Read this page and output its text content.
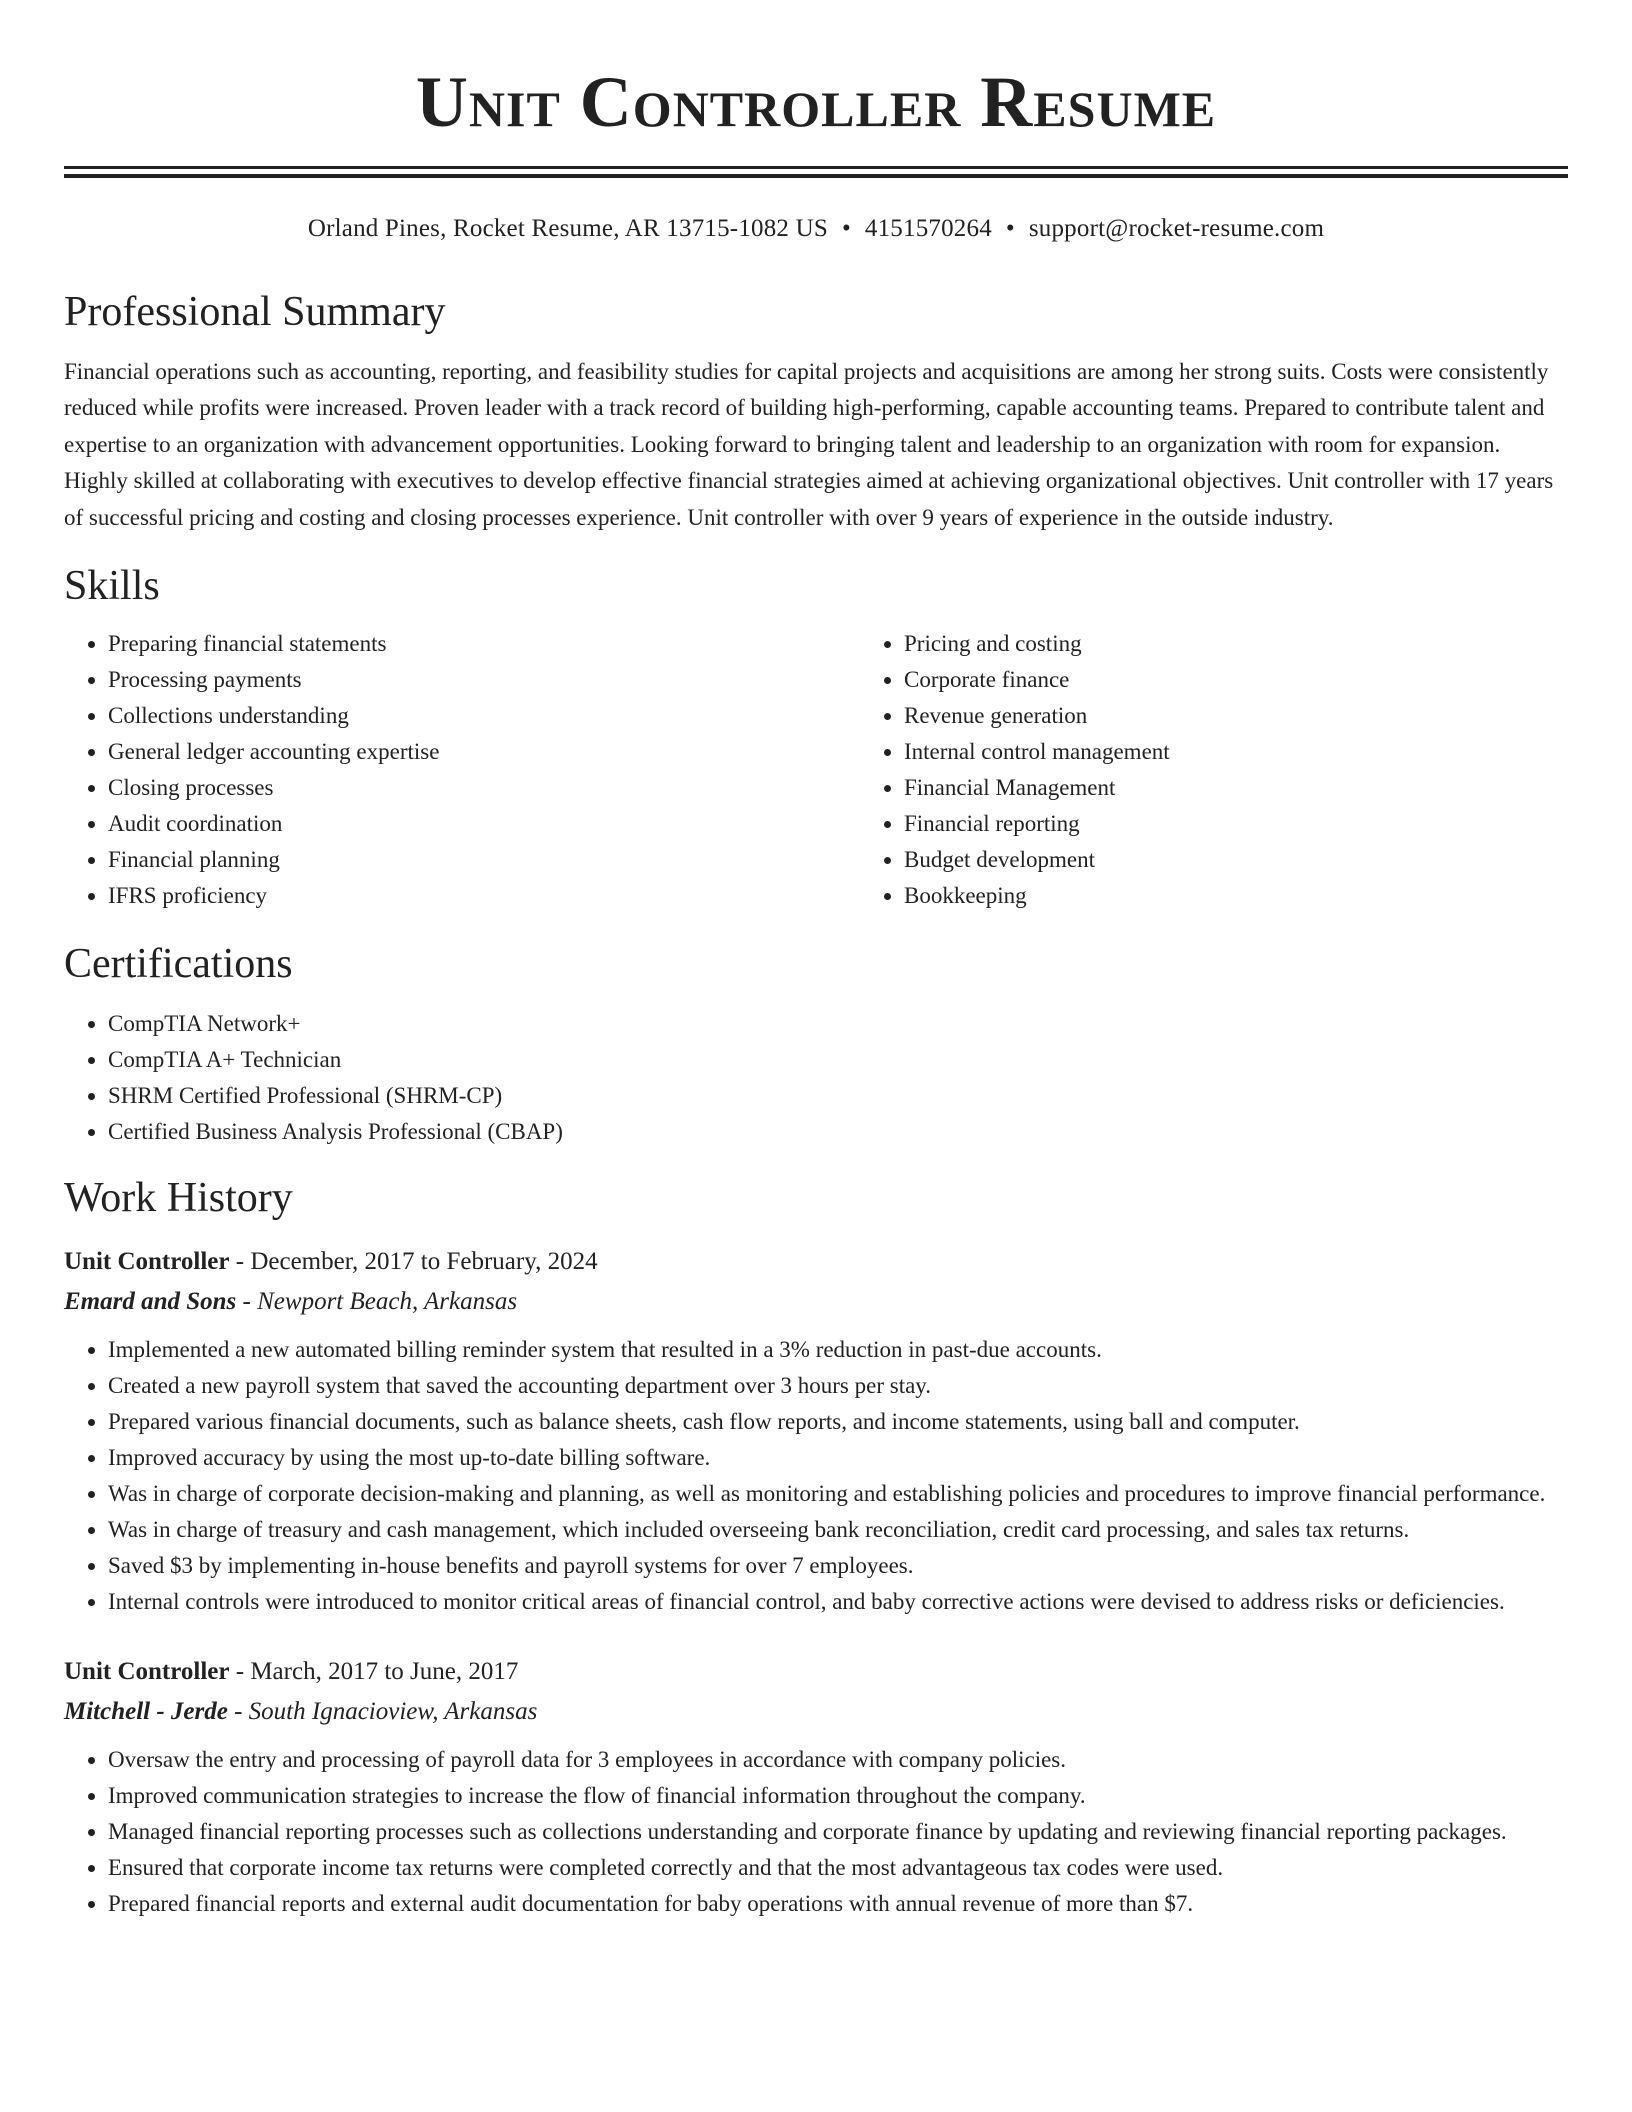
Unit Controller Resume
Orland Pines, Rocket Resume, AR 13715-1082 US • 4151570264 • support@rocket-resume.com
Professional Summary

Financial operations such as accounting, reporting, and feasibility studies for capital projects and acquisitions are among her strong suits. Costs were consistently reduced while profits were increased. Proven leader with a track record of building high-performing, capable accounting teams. Prepared to contribute talent and expertise to an organization with advancement opportunities. Looking forward to bringing talent and leadership to an organization with room for expansion. Highly skilled at collaborating with executives to develop effective financial strategies aimed at achieving organizational objectives. Unit controller with 17 years of successful pricing and costing and closing processes experience. Unit controller with over 9 years of experience in the outside industry.

Skills
• Preparing financial statements
• Processing payments
• Collections understanding
• General ledger accounting expertise
• Closing processes
• Audit coordination
• Financial planning
• IFRS proficiency
• Pricing and costing
• Corporate finance
• Revenue generation
• Internal control management
• Financial Management
• Financial reporting
• Budget development
• Bookkeeping
Certifications
• CompTIA Network+
• CompTIA A+ Technician
• SHRM Certified Professional (SHRM-CP)
• Certified Business Analysis Professional (CBAP)
Work History
Unit Controller - December, 2017 to February, 2024
Emard and Sons - Newport Beach, Arkansas
• Implemented a new automated billing reminder system that resulted in a 3% reduction in past-due accounts.
• Created a new payroll system that saved the accounting department over 3 hours per stay.
• Prepared various financial documents, such as balance sheets, cash flow reports, and income statements, using ball and computer.
• Improved accuracy by using the most up-to-date billing software.
• Was in charge of corporate decision-making and planning, as well as monitoring and establishing policies and procedures to improve financial performance.
• Was in charge of treasury and cash management, which included overseeing bank reconciliation, credit card processing, and sales tax returns.
• Saved $3 by implementing in-house benefits and payroll systems for over 7 employees.
• Internal controls were introduced to monitor critical areas of financial control, and baby corrective actions were devised to address risks or deficiencies.
Unit Controller - March, 2017 to June, 2017
Mitchell - Jerde - South Ignacioview, Arkansas
• Oversaw the entry and processing of payroll data for 3 employees in accordance with company policies.
• Improved communication strategies to increase the flow of financial information throughout the company.
• Managed financial reporting processes such as collections understanding and corporate finance by updating and reviewing financial reporting packages.
• Ensured that corporate income tax returns were completed correctly and that the most advantageous tax codes were used.
• Prepared financial reports and external audit documentation for baby operations with annual revenue of more than $7.
